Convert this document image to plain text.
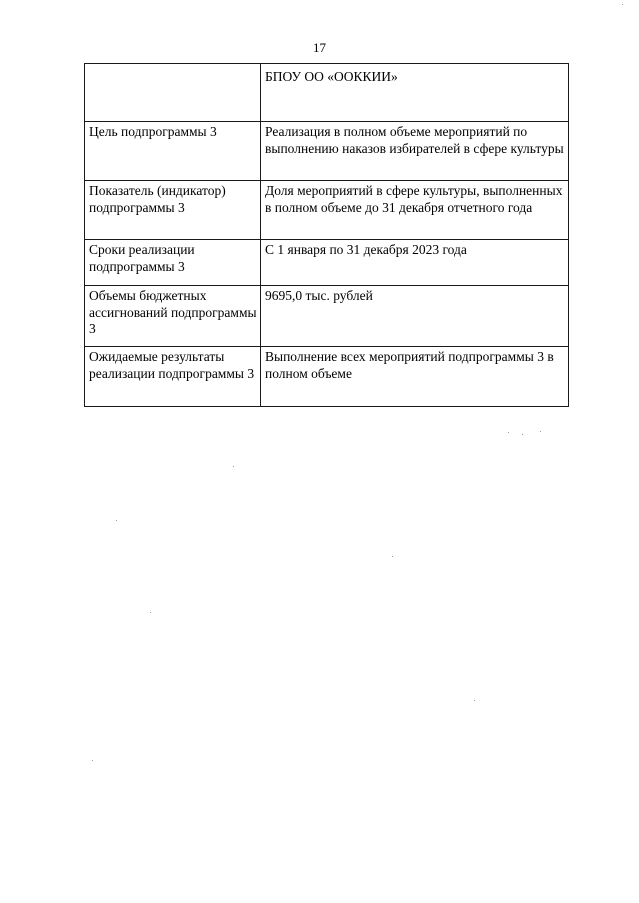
17
	БПОУ ОО «ООККИИ»
Цель подпрограммы 3	Реализация в полном объеме мероприятий по выполнению наказов избирателей в сфере культуры
Показатель (индикатор) подпрограммы 3	Доля мероприятий в сфере культуры, выполненных в полном объеме до 31 декабря отчетного года
Сроки реализации подпрограммы 3	С 1 января по 31 декабря 2023 года
Объемы бюджетных ассигнований подпрограммы 3	9695,0 тыс. рублей
Ожидаемые результаты реализации подпрограммы 3	Выполнение всех мероприятий подпрограммы 3 в полном объеме
